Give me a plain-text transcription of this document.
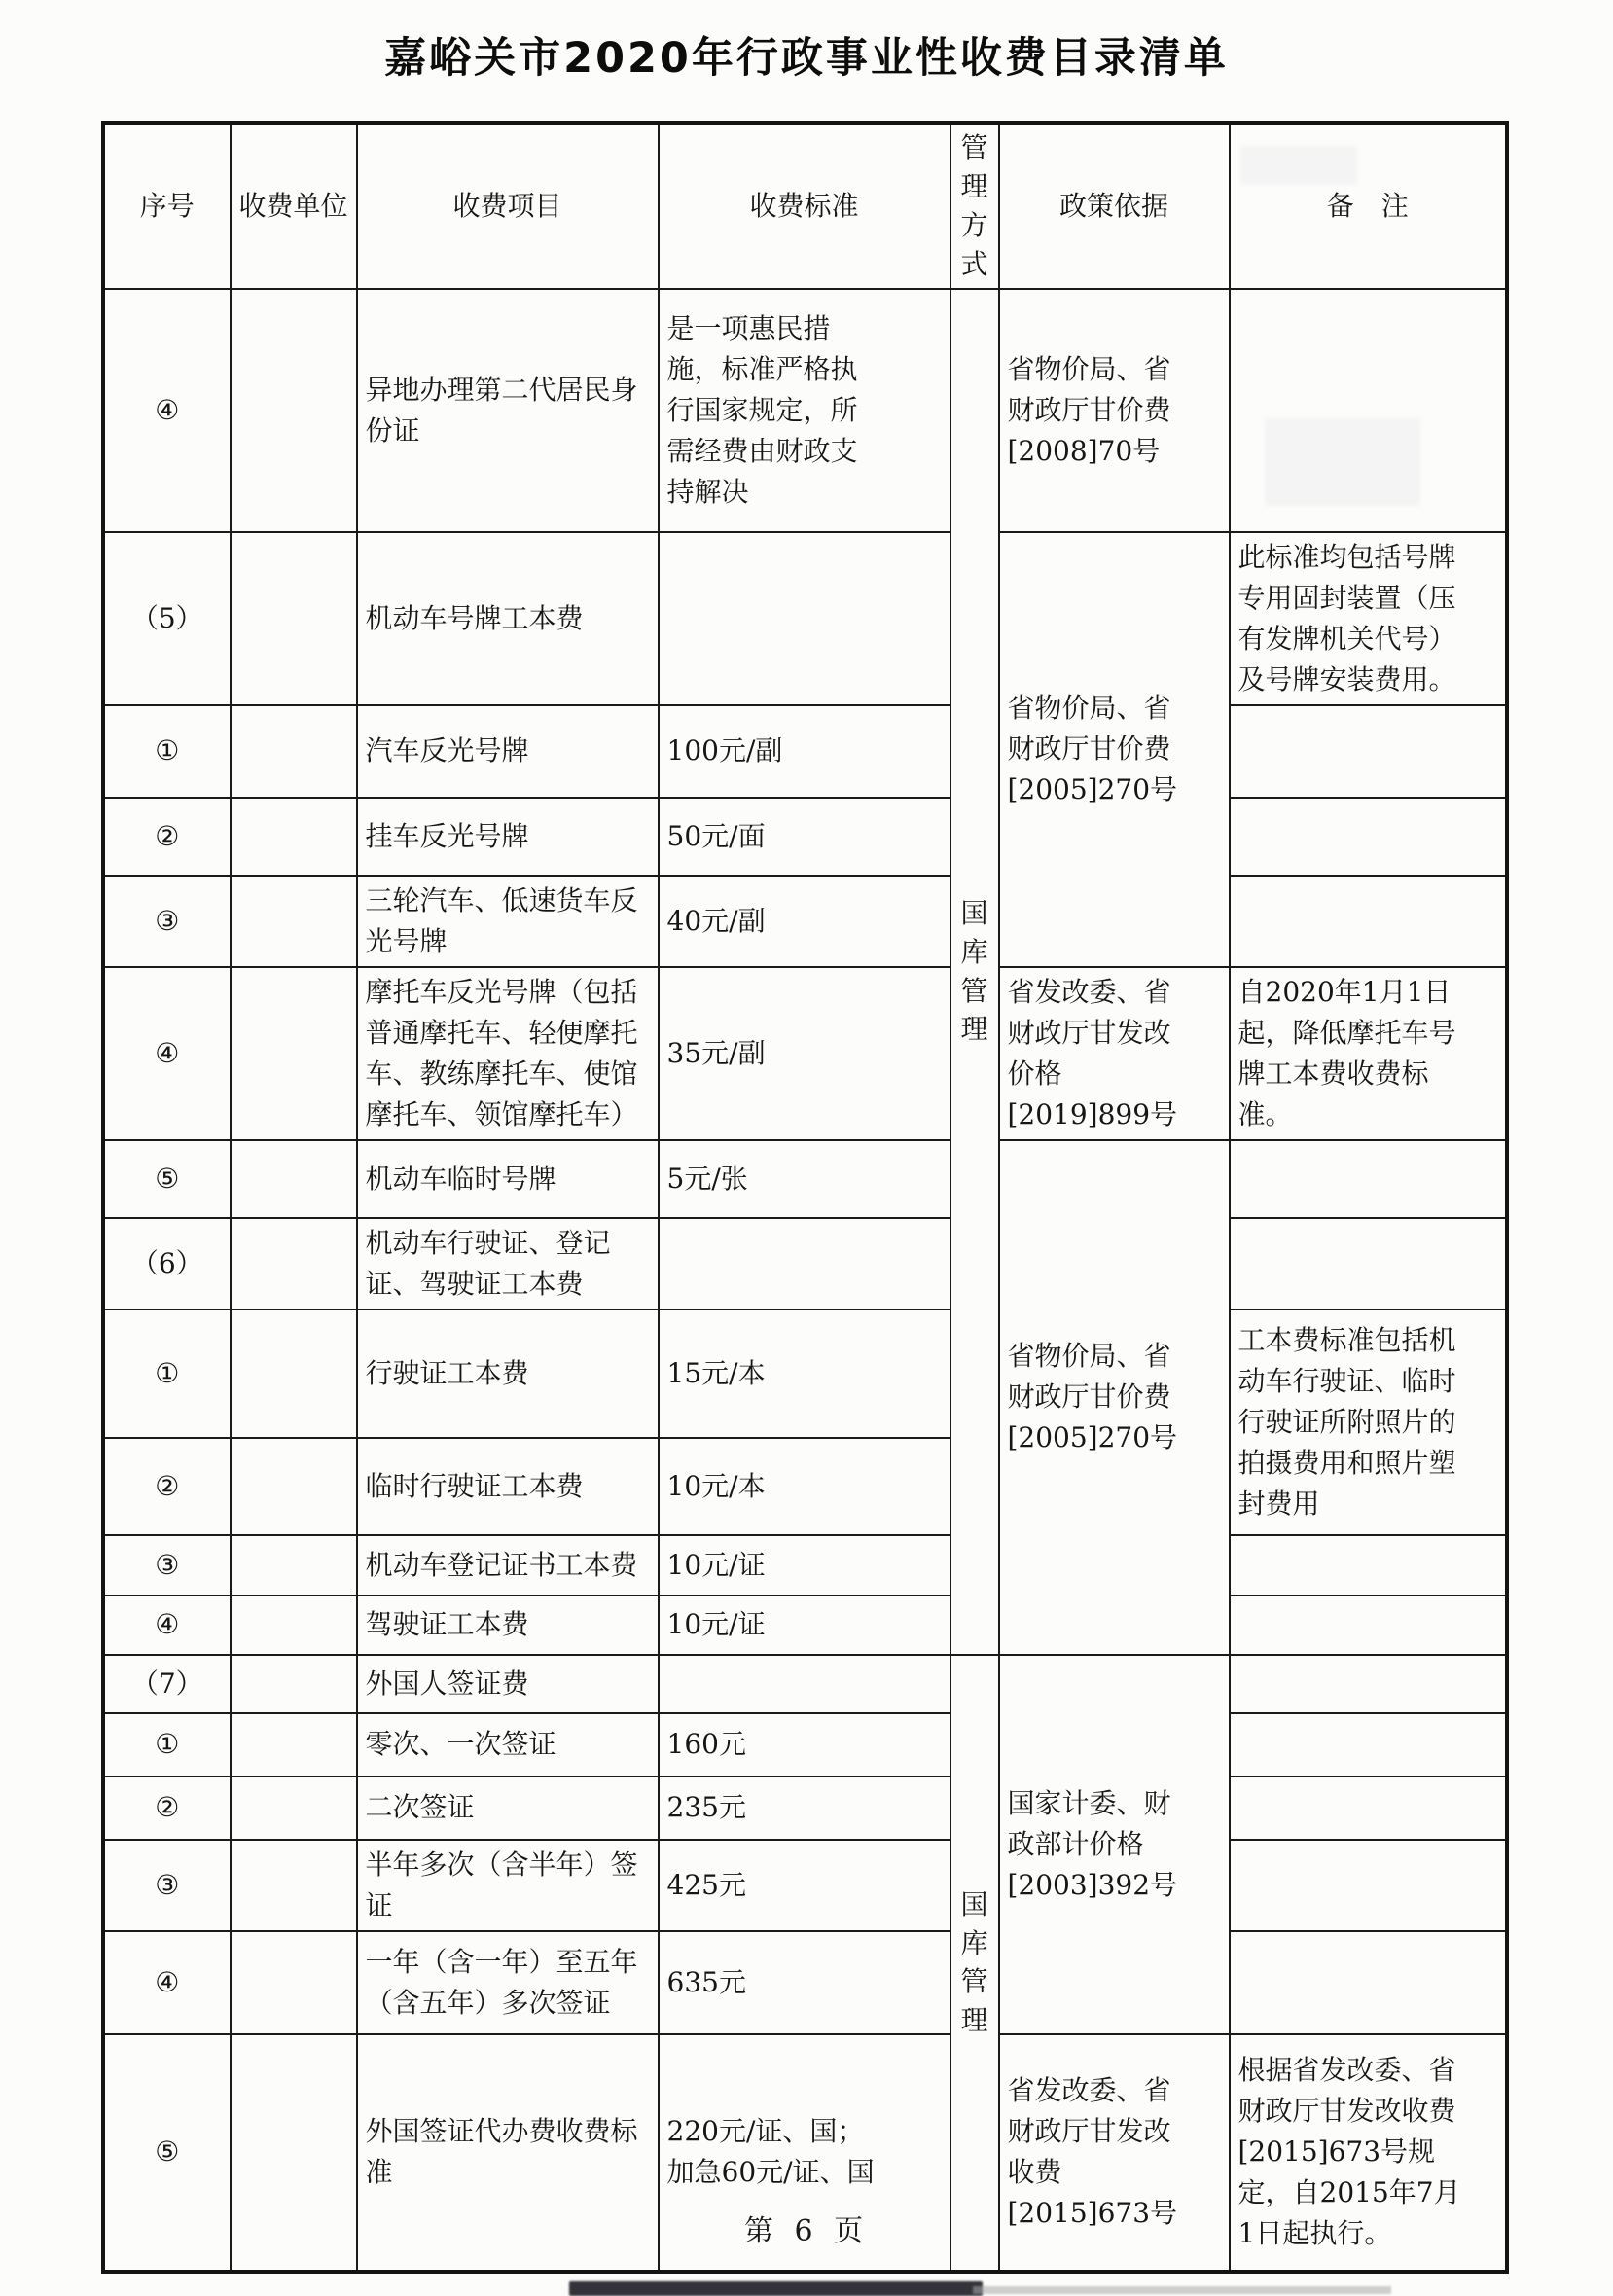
嘉峪关市2020年行政事业性收费目录清单
序号	收费单位	收费项目	收费标准	管理方式	政策依据	备　注
④		异地办理第二代居民身份证	是一项惠民措施，标准严格执行国家规定，所需经费由财政支持解决	国库管理	省物价局、省财政厅甘价费[2008]70号	
（5）		机动车号牌工本费			省物价局、省财政厅甘价费[2005]270号	此标准均包括号牌专用固封装置（压有发牌机关代号）及号牌安装费用。
①		汽车反光号牌	100元/副			
②		挂车反光号牌	50元/面			
③		三轮汽车、低速货车反光号牌	40元/副			
④		摩托车反光号牌（包括普通摩托车、轻便摩托车、教练摩托车、使馆摩托车、领馆摩托车）	35元/副		省发改委、省财政厅甘发改价格[2019]899号	自2020年1月1日起，降低摩托车号牌工本费收费标准。
⑤		机动车临时号牌	5元/张		省物价局、省财政厅甘价费[2005]270号	
（6）		机动车行驶证、登记证、驾驶证工本费				
①		行驶证工本费	15元/本			工本费标准包括机动车行驶证、临时行驶证所附照片的拍摄费用和照片塑封费用
②		临时行驶证工本费	10元/本			
③		机动车登记证书工本费	10元/证			
④		驾驶证工本费	10元/证			
（7）		外国人签证费		国库管理	国家计委、财政部计价格[2003]392号	
①		零次、一次签证	160元			
②		二次签证	235元			
③		半年多次（含半年）签证	425元			
④		一年（含一年）至五年（含五年）多次签证	635元			
⑤		外国签证代办费收费标准	220元/证、国；加急60元/证、国		省发改委、省财政厅甘发改收费[2015]673号	根据省发改委、省财政厅甘发改收费[2015]673号规定，自2015年7月1日起执行。
第 6 页
